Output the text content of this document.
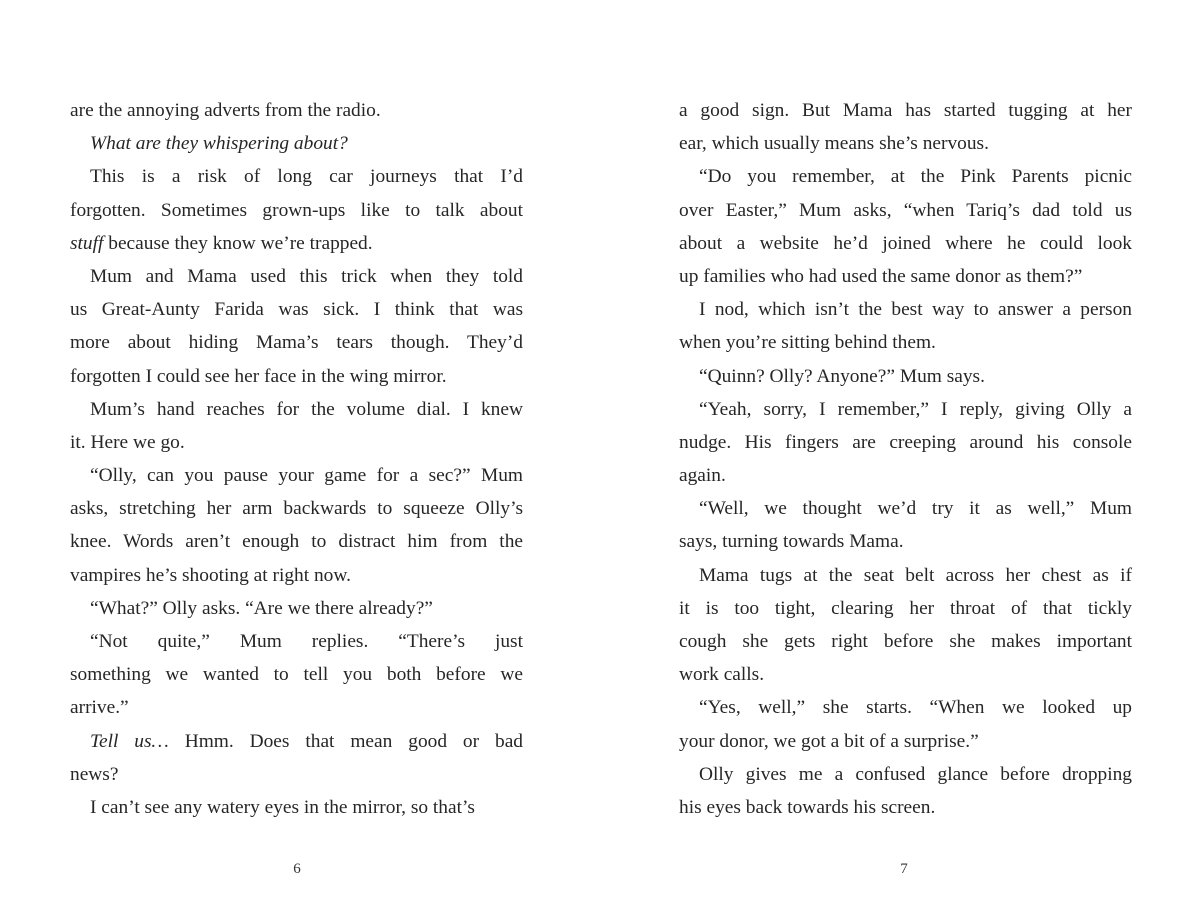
are the annoying adverts from the radio.
What are they whispering about?
This is a risk of long car journeys that I’d
forgotten. Sometimes grown-ups like to talk about
stuff because they know we’re trapped.
Mum and Mama used this trick when they told
us Great-Aunty Farida was sick. I think that was
more about hiding Mama’s tears though. They’d
forgotten I could see her face in the wing mirror.
Mum’s hand reaches for the volume dial. I knew
it. Here we go.
“Olly, can you pause your game for a sec?” Mum
asks, stretching her arm backwards to squeeze Olly’s
knee. Words aren’t enough to distract him from the
vampires he’s shooting at right now.
“What?” Olly asks. “Are we there already?”
“Not quite,” Mum replies. “There’s just
something we wanted to tell you both before we
arrive.”
Tell us… Hmm. Does that mean good or bad
news?
I can’t see any watery eyes in the mirror, so that’s
6
a good sign. But Mama has started tugging at her
ear, which usually means she’s nervous.
“Do you remember, at the Pink Parents picnic
over Easter,” Mum asks, “when Tariq’s dad told us
about a website he’d joined where he could look
up families who had used the same donor as them?”
I nod, which isn’t the best way to answer a person
when you’re sitting behind them.
“Quinn? Olly? Anyone?” Mum says.
“Yeah, sorry, I remember,” I reply, giving Olly a
nudge. His fingers are creeping around his console
again.
“Well, we thought we’d try it as well,” Mum
says, turning towards Mama.
Mama tugs at the seat belt across her chest as if
it is too tight, clearing her throat of that tickly
cough she gets right before she makes important
work calls.
“Yes, well,” she starts. “When we looked up
your donor, we got a bit of a surprise.”
Olly gives me a confused glance before dropping
his eyes back towards his screen.
7
